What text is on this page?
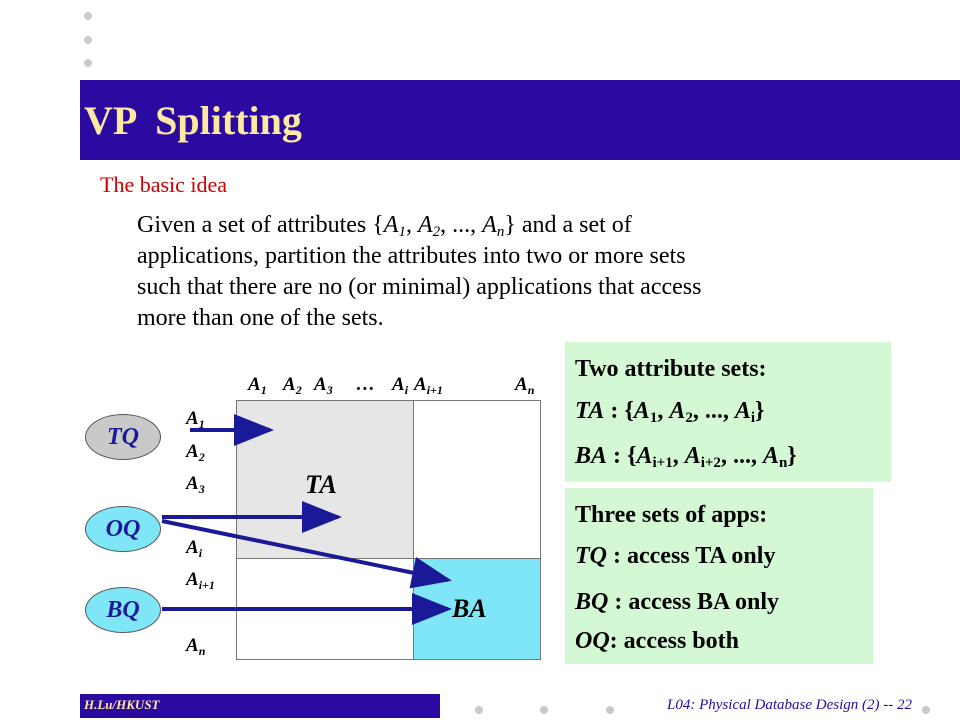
VP  Splitting
The basic idea
Given a set of attributes {$A_1$, $A_2$, ..., $A_n$} and a set of
applications, partition the attributes into two or more sets
such that there are no (or minimal) applications that access
more than one of the sets.
TA
BA
$A_1$ $A_2$ $A_3$ … $A_i$ $A_{i+1}$	$A_n$
$A_1$
$A_2$
$A_3$
$A_i$
$A_{i+1}$
$A_n$
TQ
OQ
BQ
Two attribute sets:
TA : {$A_1$, $A_2$, ..., $A_i$}
BA : {$A_{i+1}$, $A_{i+2}$, ..., $A_n$}
Three sets of apps:
TQ : access TA only
BQ : access BA only
OQ: access both
H.Lu/HKUST	L04: Physical Database Design (2) -- 22
